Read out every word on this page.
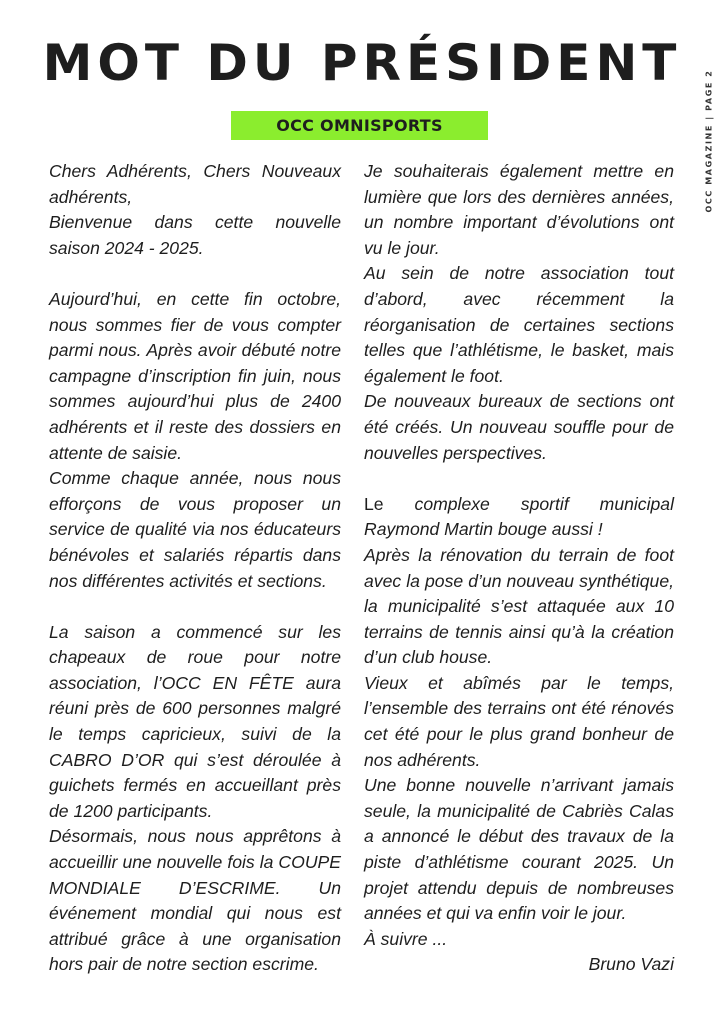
MOT DU PRÉSIDENT
OCC OMNISPORTS	OCC MAGAZINE | PAGE 2

Chers Adhérents, Chers Nouveaux adhérents,

Bienvenue dans cette nouvelle saison 2024 - 2025.

Aujourd’hui, en cette fin octobre, nous sommes fier de vous compter parmi nous. Après avoir débuté notre campagne d’inscription fin juin, nous sommes aujourd’hui plus de 2400 adhérents et il reste des dossiers en attente de saisie.

Comme chaque année, nous nous efforçons de vous proposer un service de qualité via nos éducateurs bénévoles et salariés répartis dans nos différentes activités et sections.

La saison a commencé sur les chapeaux de roue pour notre association, l’OCC EN FÊTE aura réuni près de 600 personnes malgré le temps capricieux, suivi de la CABRO D’OR qui s’est déroulée à guichets fermés en accueillant près de 1200 participants.

Désormais, nous nous apprêtons à accueillir une nouvelle fois la COUPE MONDIALE D’ESCRIME. Un événement mondial qui nous est attribué grâce à une organisation hors pair de notre section escrime.

Je souhaiterais également mettre en lumière que lors des dernières années, un nombre important d’évolutions ont vu le jour.

Au sein de notre association tout d’abord, avec récemment la réorganisation de certaines sections telles que l’athlétisme, le basket, mais également le foot.

De nouveaux bureaux de sections ont été créés. Un nouveau souffle pour de nouvelles perspectives.

Le complexe sportif municipal Raymond Martin bouge aussi !

Après la rénovation du terrain de foot avec la pose d’un nouveau synthétique, la municipalité s’est attaquée aux 10 terrains de tennis ainsi qu’à la création d’un club house.

Vieux et abîmés par le temps, l’ensemble des terrains ont été rénovés cet été pour le plus grand bonheur de nos adhérents.

Une bonne nouvelle n’arrivant jamais seule, la municipalité de Cabriès Calas a annoncé le début des travaux de la piste d’athlétisme courant 2025. Un projet attendu depuis de nombreuses années et qui va enfin voir le jour.

À suivre ...

Bruno Vazi
